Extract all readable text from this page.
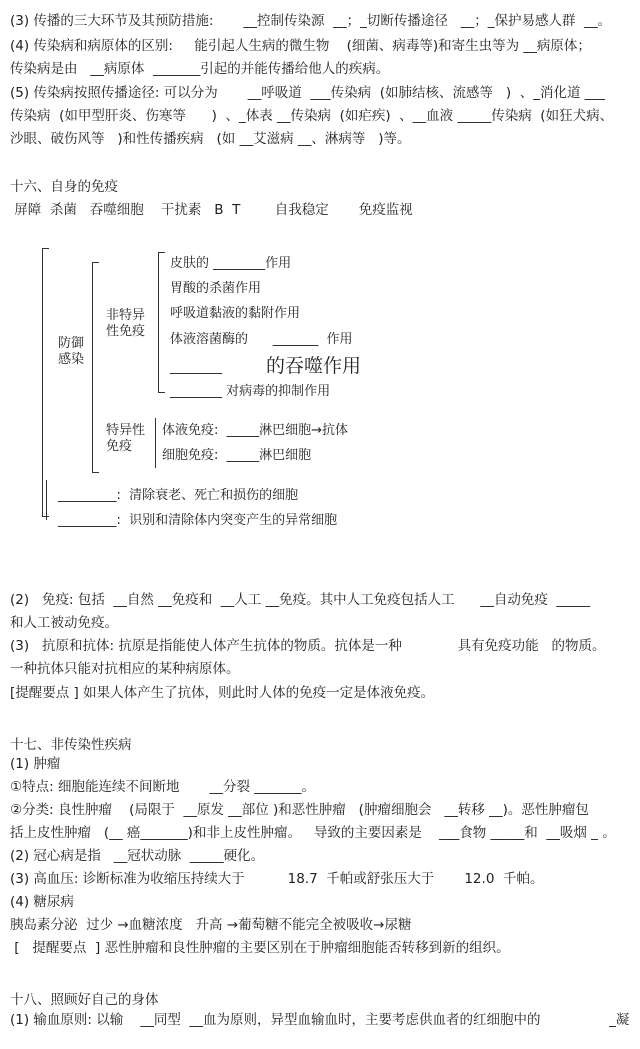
(3) 传播的三大环节及其预防措施:       __控制传染源  __；_切断传播途径   __；_保护易感人群  __。
(4) 传染病和病原体的区别:     能引起人生病的微生物    (细菌、病毒等)和寄生虫等为 __病原体；
传染病是由   __病原体  _______引起的并能传播给他人的疾病。
(5) 传染病按照传播途径: 可以分为       __呼吸道  ___传染病  (如肺结核、流感等   )  、_消化道 ___
传染病  (如甲型肝炎、伤寒等      )  、_体表 __传染病  (如疟疾)  、__血液 _____传染病  (如狂犬病、
沙眼、破伤风等   )和性传播疾病   (如 __艾滋病 __、淋病等   )等。
十六、自身的免疫
屏障  杀菌   吞噬细胞    干扰素   B  T        自我稳定       免疫监视
防御
感染
非特异
性免疫
特异性
免疫
皮肤的 ________作用
胃酸的杀菌作用
呼吸道黏液的黏附作用
体液溶菌酶的      _______  作用
________ 的吞噬作用
________ 对病毒的抑制作用
体液免疫:  _____淋巴细胞→抗体
细胞免疫:  _____淋巴细胞
_________:  清除衰老、死亡和损伤的细胞
_________:  识别和清除体内突变产生的异常细胞
(2)   免疫: 包括  __自然 __免疫和  __人工 __免疫。其中人工免疫包括人工      __自动免疫  _____
和人工被动免疫。
(3)   抗原和抗体: 抗原是指能使人体产生抗体的物质。抗体是一种             具有免疫功能   的物质。
一种抗体只能对抗相应的某种病原体。
[提醒要点 ] 如果人体产生了抗体，则此时人体的免疫一定是体液免疫。
十七、非传染性疾病
(1) 肿瘤
①特点: 细胞能连续不间断地       __分裂 _______。
②分类: 良性肿瘤    (局限于  __原发 __部位 )和恶性肿瘤   (肿瘤细胞会   __转移 __)。恶性肿瘤包
括上皮性肿瘤   (__ 癌_______)和非上皮性肿瘤。   导致的主要因素是    ___食物 _____和  __吸烟 _ 。
(2) 冠心病是指   __冠状动脉  _____硬化。
(3) 高血压: 诊断标准为收缩压持续大于          18.7  千帕或舒张压大于       12.0  千帕。
(4) 糖尿病
胰岛素分泌  过少 →血糖浓度   升高 →葡萄糖不能完全被吸收→尿糖
[   提醒要点  ] 恶性肿瘤和良性肿瘤的主要区别在于肿瘤细胞能否转移到新的组织。
十八、照顾好自己的身体
(1) 输血原则: 以输    __同型  __血为原则，异型血输血时，主要考虑供血者的红细胞中的                _凝
